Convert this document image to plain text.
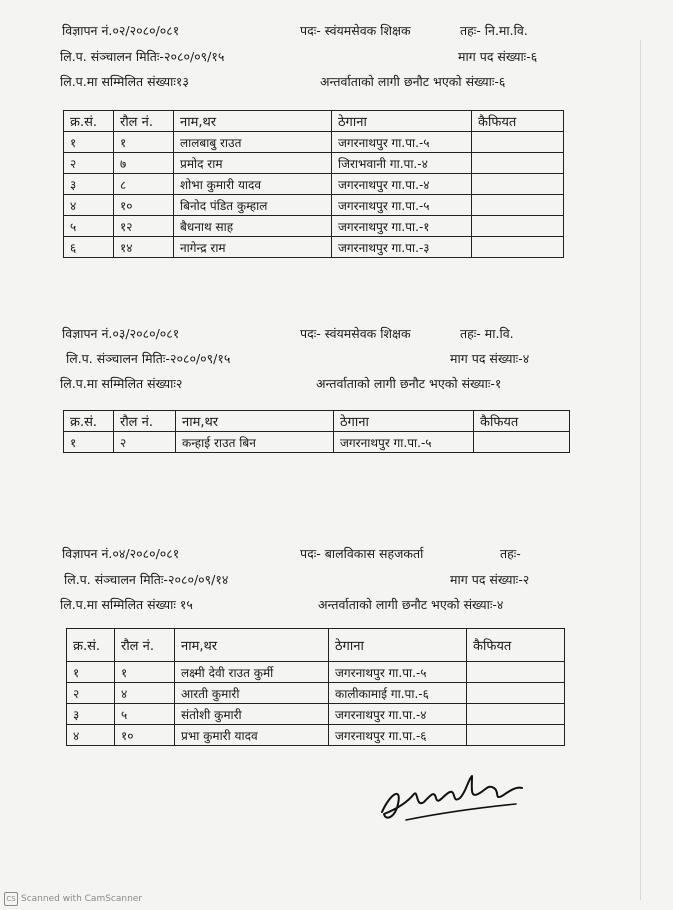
विज्ञापन नं.०२/२०८०/०८१	पदः- स्वंयमसेवक शिक्षक	तहः- नि.मा.वि.
लि.प. संञ्चालन मितिः-२०८०/०९/१५	माग पद संख्याः-६
लि.प.मा सम्मिलित संख्याः१३	अन्तर्वाताको लागी छनौट भएको संख्याः-६
क्र.सं.	रौल नं.	नाम,थर	ठेगाना	कैफियत
१	१	लालबाबु राउत	जगरनाथपुर गा.पा.-५	
२	७	प्रमोद राम	जिराभवानी गा.पा.-४	
३	८	शोभा कुमारी यादव	जगरनाथपुर गा.पा.-४	
४	१०	बिनोद पंडित कुम्हाल	जगरनाथपुर गा.पा.-५	
५	१२	बैधनाथ साह	जगरनाथपुर गा.पा.-१	
६	१४	नागेन्द्र राम	जगरनाथपुर गा.पा.-३	
विज्ञापन नं.०३/२०८०/०८१	पदः- स्वंयमसेवक शिक्षक	तहः- मा.वि.
लि.प. संञ्चालन मितिः-२०८०/०९/१५	माग पद संख्याः-४
लि.प.मा सम्मिलित संख्याः२	अन्तर्वाताको लागी छनौट भएको संख्याः-१
क्र.सं.	रौल नं.	नाम,थर	ठेगाना	कैफियत
१	२	कन्हाई राउत बिन	जगरनाथपुर गा.पा.-५	
विज्ञापन नं.०४/२०८०/०८१	पदः- बालविकास सहजकर्ता	तहः-
लि.प. संञ्चालन मितिः-२०८०/०९/१४	माग पद संख्याः-२
लि.प.मा सम्मिलित संख्याः १५	अन्तर्वाताको लागी छनौट भएको संख्याः-४
क्र.सं.	रौल नं.	नाम,थर	ठेगाना	कैफियत
१	१	लक्ष्मी देवी राउत कुर्मी	जगरनाथपुर गा.पा.-५	
२	४	आरती कुमारी	कालीकामाई गा.पा.-६	
३	५	संतोशी कुमारी	जगरनाथपुर गा.पा.-४	
४	१०	प्रभा कुमारी यादव	जगरनाथपुर गा.पा.-६	
CS Scanned with CamScanner
